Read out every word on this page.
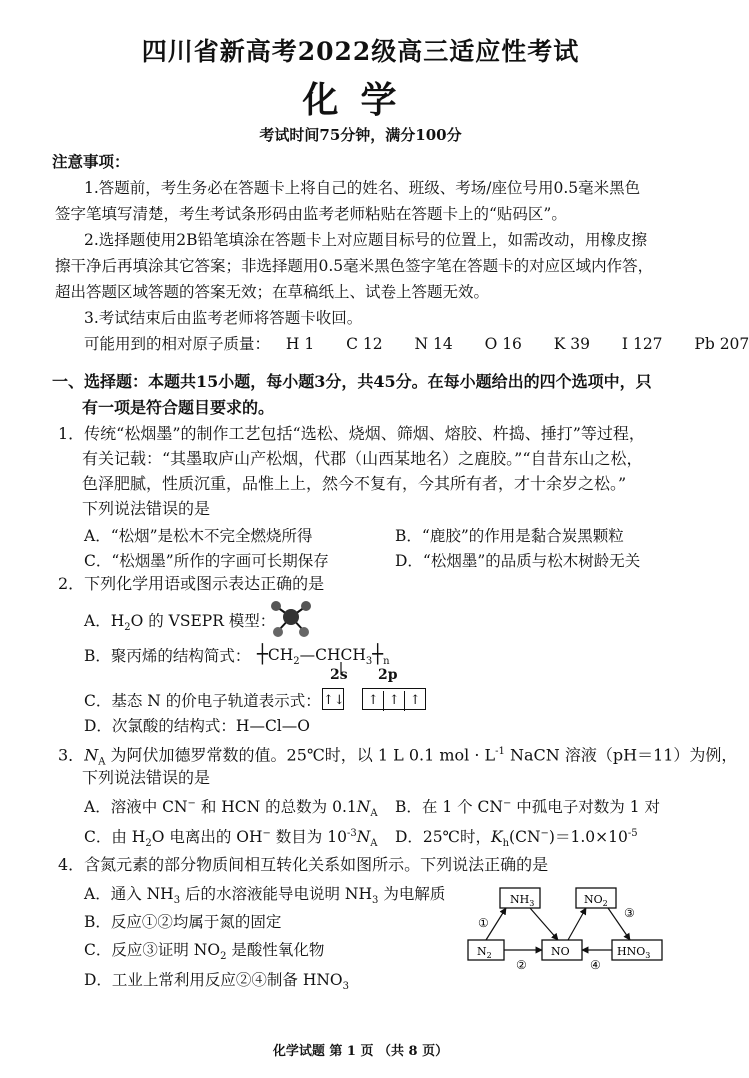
四川省新高考2022级高三适应性考试
化学
考试时间75分钟，满分100分
注意事项：
1.答题前，考生务必在答题卡上将自己的姓名、班级、考场/座位号用0.5毫米黑色
签字笔填写清楚，考生考试条形码由监考老师粘贴在答题卡上的“贴码区”。
2.选择题使用2B铅笔填涂在答题卡上对应题目标号的位置上，如需改动，用橡皮擦
擦干净后再填涂其它答案；非选择题用0.5毫米黑色签字笔在答题卡的对应区域内作答，
超出答题区域答题的答案无效；在草稿纸上、试卷上答题无效。
3.考试结束后由监考老师将答题卡收回。
可能用到的相对原子质量： H 1 C 12 N 14 O 16 K 39 I 127 Pb 207
一、选择题：本题共15小题，每小题3分，共45分。在每小题给出的四个选项中，只
有一项是符合题目要求的。
1．传统“松烟墨”的制作工艺包括“选松、烧烟、筛烟、熔胶、杵捣、捶打”等过程，
有关记载：“其墨取庐山产松烟，代郡（山西某地名）之鹿胶。”“自昔东山之松，
色泽肥腻，性质沉重，品惟上上，然今不复有，今其所有者，才十余岁之松。”
下列说法错误的是
A．“松烟”是松木不完全燃烧所得	B．“鹿胶”的作用是黏合炭黑颗粒
C．“松烟墨”所作的字画可长期保存	D．“松烟墨”的品质与松木树龄无关
2．下列化学用语或图示表达正确的是
A．$H_2O$ 的 VSEPR 模型：
B．聚丙烯的结构简式： $┼CH_2—CHCH_3┼_n$
2s 2p
C．基态 N 的价电子轨道表示式： ↑↓ ↑ ↑ ↑
D．次氯酸的结构式：H—Cl—O
3．$N_A$ 为阿伏加德罗常数的值。25℃时，以 1 L 0.1 mol · $L^{-1}$ NaCN 溶液（pH＝11）为例，
下列说法错误的是
A．溶液中 CN− 和 HCN 的总数为 $0.1N_A$ B．在 1 个 CN− 中孤电子对数为 1 对
C．由 $H_2O$ 电离出的 OH− 数目为 $10^{-3}N_A$ D．25℃时，$K_h(CN^-)=1.0\times 10^{-5}$
4．含氮元素的部分物质间相互转化关系如图所示。下列说法正确的是
A．通入 $NH_3$ 后的水溶液能导电说明 $NH_3$ 为电解质
B．反应①②均属于氮的固定
C．反应③证明 $NO_2$ 是酸性氧化物
D．工业上常利用反应②④制备 $HNO_3$
$NH_3$	$NO_2$
$N_2$	NO	$HNO_3$
①
②
③
④
化学试题 第 1 页 （共 8 页）
